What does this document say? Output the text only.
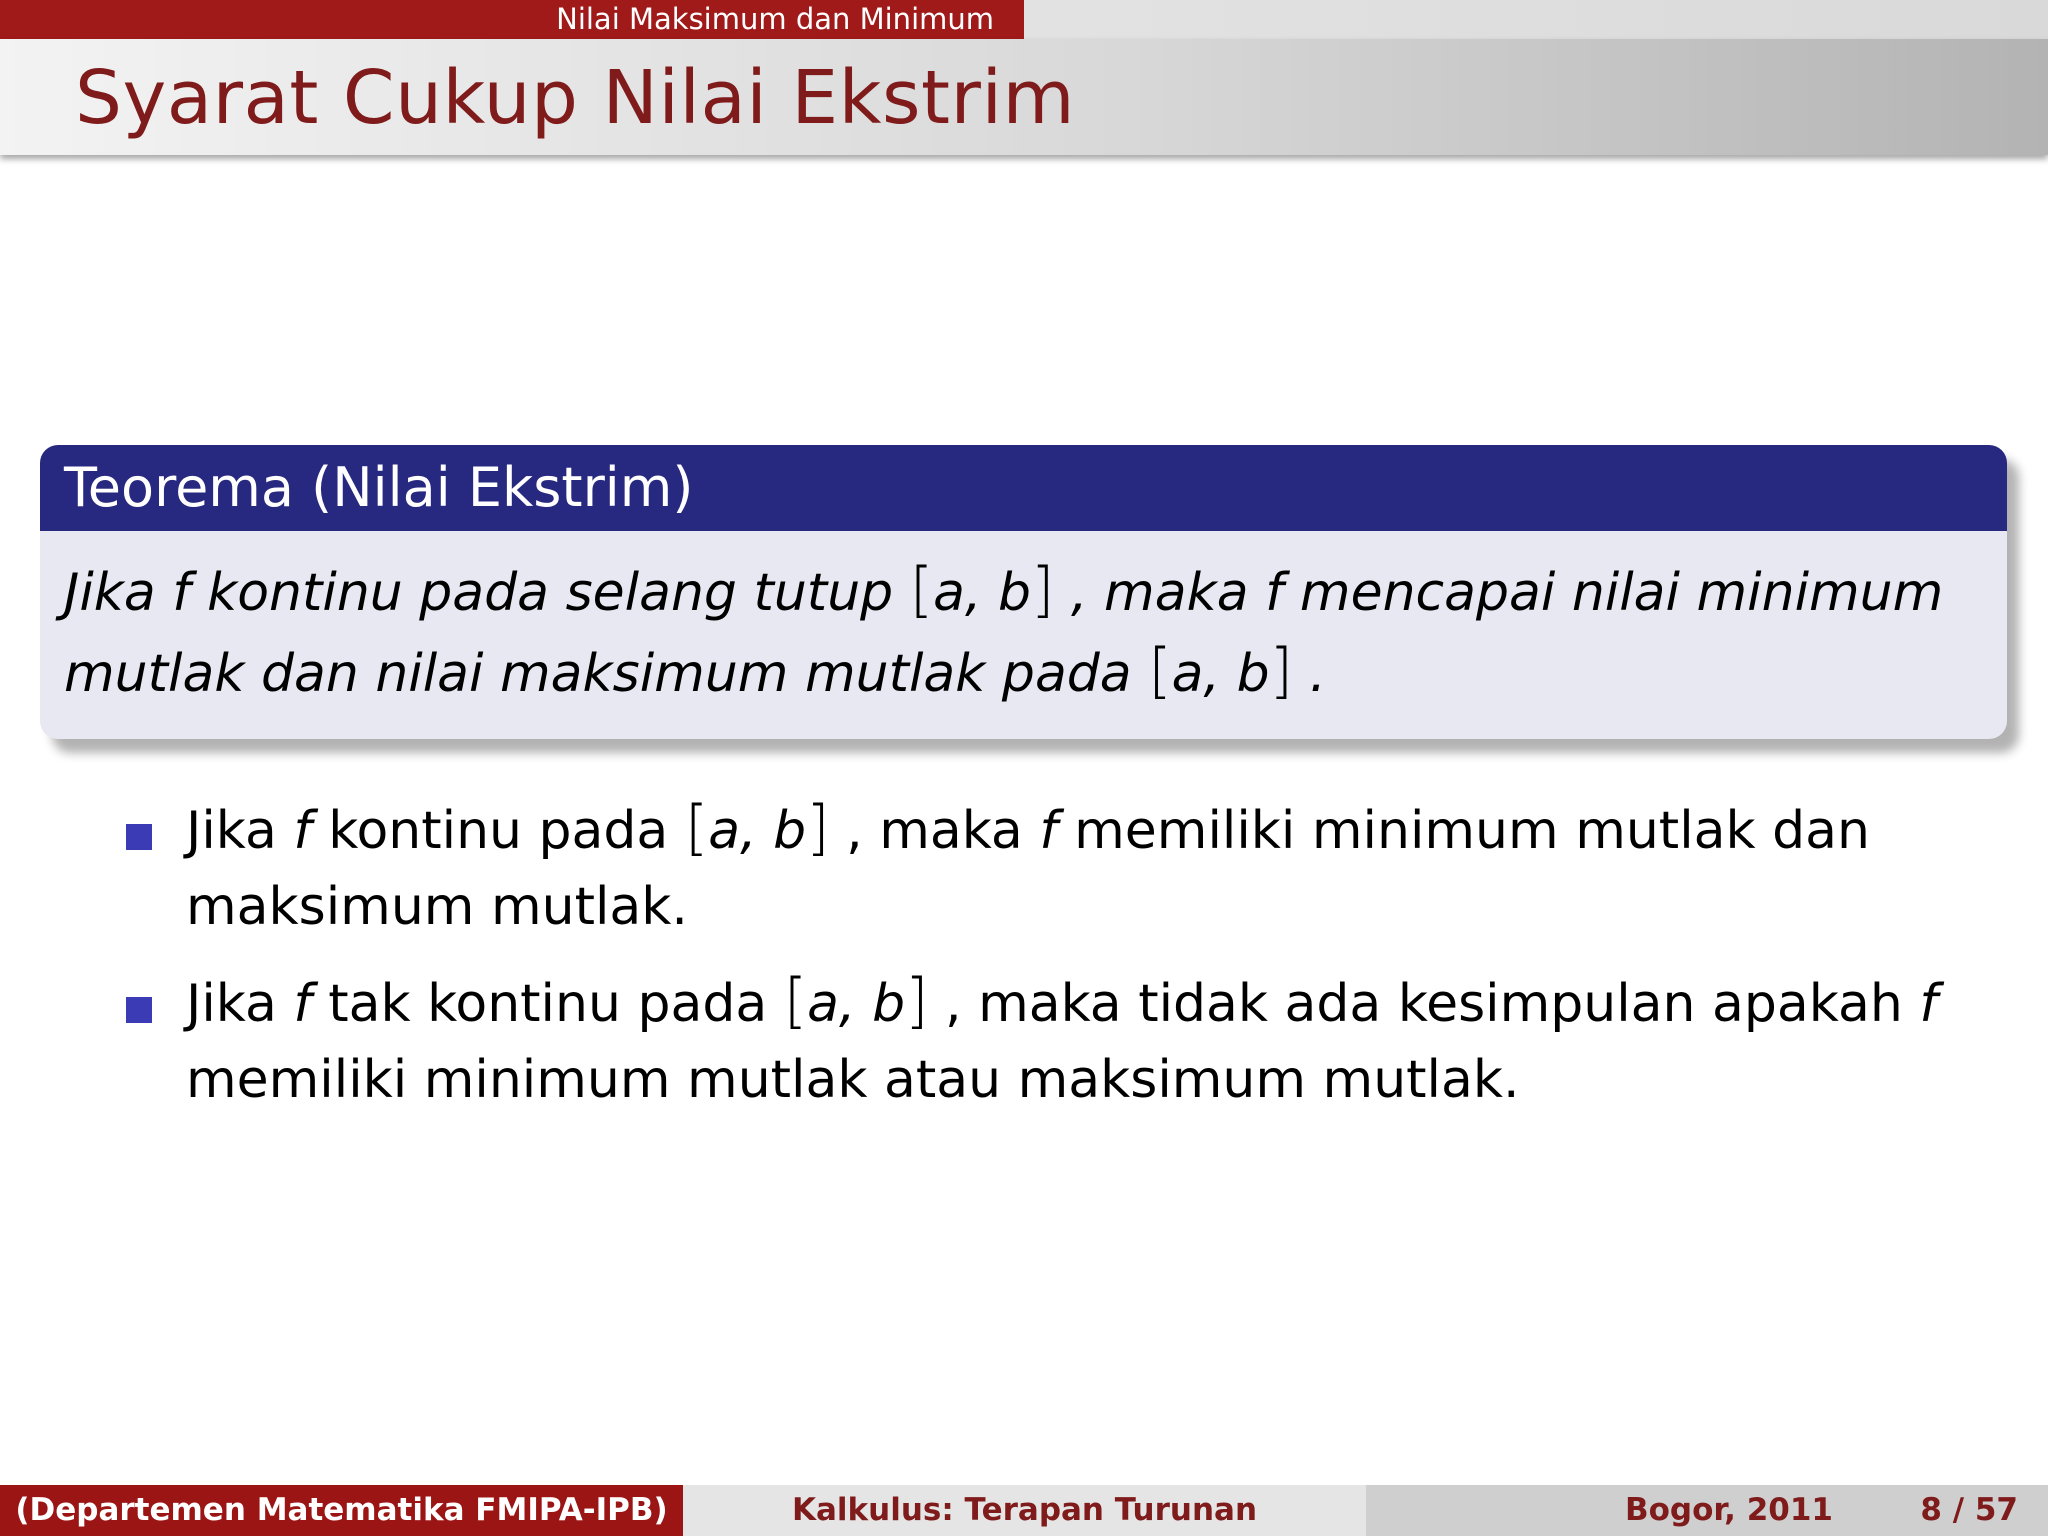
Nilai Maksimum dan Minimum
Syarat Cukup Nilai Ekstrim
Teorema (Nilai Ekstrim)
Jika f kontinu pada selang tutup [a, b] , maka f mencapai nilai minimum
mutlak dan nilai maksimum mutlak pada [a, b] .
Jika f kontinu pada [a, b] , maka f memiliki minimum mutlak dan maksimum mutlak.
Jika f tak kontinu pada [a, b] , maka tidak ada kesimpulan apakah f memiliki minimum mutlak atau maksimum mutlak.
(Departemen Matematika FMIPA-IPB)	Kalkulus: Terapan Turunan	Bogor, 2011	8 / 57
